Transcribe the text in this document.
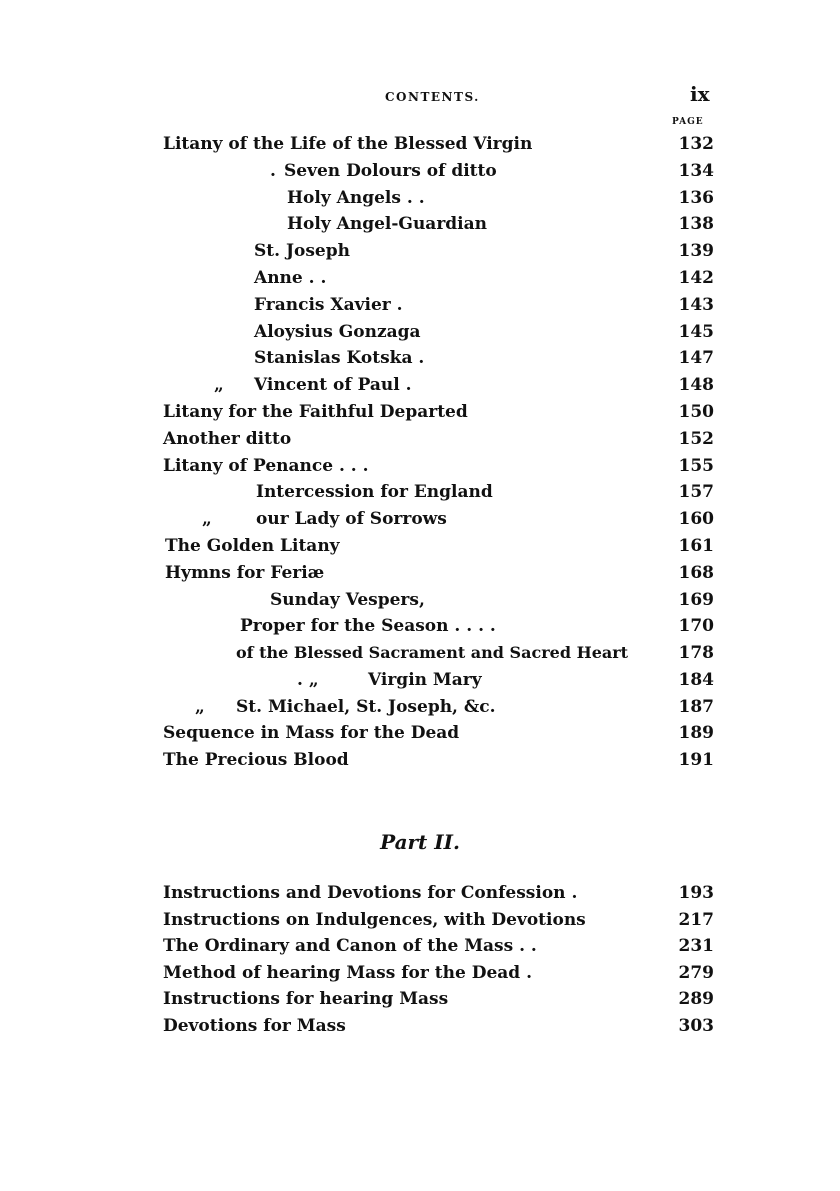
CONTENTS.	ix
PAGE
Litany of the Life of the Blessed Virgin	132
. Seven Dolours of ditto	134
Holy Angels . .	136
Holy Angel-Guardian	138
St. Joseph	139
Anne . .	142
Francis Xavier .	143
Aloysius Gonzaga	145
Stanislas Kotska .	147
„ Vincent of Paul .	148
Litany for the Faithful Departed	150
Another ditto	152
Litany of Penance . . .	155
Intercession for England	157
„	our Lady of Sorrows	160
The Golden Litany	161
Hymns for Feriæ	168
Sunday Vespers,	169
Proper for the Season . . . .	170
of the Blessed Sacrament and Sacred Heart	178
. „	Virgin Mary	184
„ St. Michael, St. Joseph, &c.	187
Sequence in Mass for the Dead	189
The Precious Blood	191
Part II.
Instructions and Devotions for Confession .	193
Instructions on Indulgences, with Devotions	217
The Ordinary and Canon of the Mass . .	231
Method of hearing Mass for the Dead .	279
Instructions for hearing Mass	289
Devotions for Mass	303
